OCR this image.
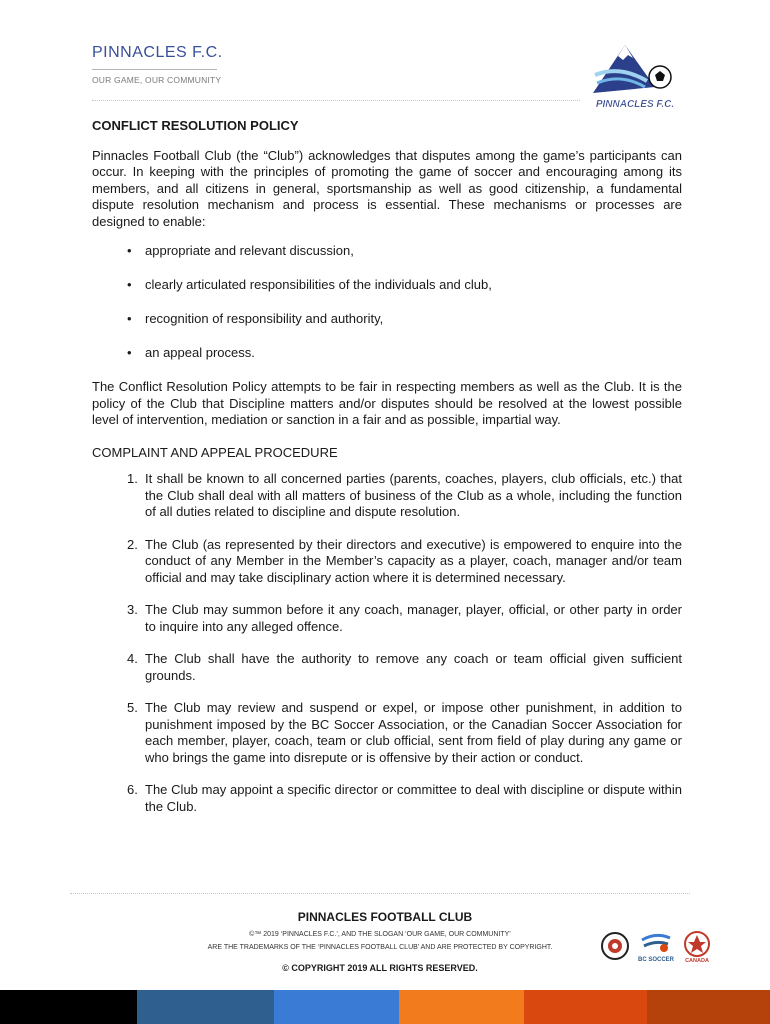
PINNACLES F.C.
OUR GAME, OUR COMMUNITY
PINNACLES F.C.
CONFLICT RESOLUTION POLICY

Pinnacles Football Club (the “Club”) acknowledges that disputes among the game’s participants can occur. In keeping with the principles of promoting the game of soccer and encouraging among its members, and all citizens in general, sportsmanship as well as good citizenship, a fundamental dispute resolution mechanism and process is essential. These mechanisms or processes are designed to enable:

• appropriate and relevant discussion,
• clearly articulated responsibilities of the individuals and club,
• recognition of responsibility and authority,
• an appeal process.

The Conflict Resolution Policy attempts to be fair in respecting members as well as the Club. It is the policy of the Club that Discipline matters and/or disputes should be resolved at the lowest possible level of intervention, mediation or sanction in a fair and as possible, impartial way.

COMPLAINT AND APPEAL PROCEDURE
1. It shall be known to all concerned parties (parents, coaches, players, club officials, etc.) that the Club shall deal with all matters of business of the Club as a whole, including the function of all duties related to discipline and dispute resolution.
2. The Club (as represented by their directors and executive) is empowered to enquire into the conduct of any Member in the Member’s capacity as a player, coach, manager and/or team official and may take disciplinary action where it is determined necessary.
3. The Club may summon before it any coach, manager, player, official, or other party in order to inquire into any alleged offence.
4. The Club shall have the authority to remove any coach or team official given sufficient grounds.
5. The Club may review and suspend or expel, or impose other punishment, in addition to punishment imposed by the BC Soccer Association, or the Canadian Soccer Association for each member, player, coach, team or club official, sent from field of play during any game or who brings the game into disrepute or is offensive by their action or conduct.
6. The Club may appoint a specific director or committee to deal with discipline or dispute within the Club.
PINNACLES FOOTBALL CLUB
©™ 2019 ‘PINNACLES F.C.’, AND THE SLOGAN ‘OUR GAME, OUR COMMUNITY’
ARE THE TRADEMARKS OF THE ‘PINNACLES FOOTBALL CLUB’ AND ARE PROTECTED BY COPYRIGHT.
© COPYRIGHT 2019 ALL RIGHTS RESERVED.
BC SOCCER CANADA
